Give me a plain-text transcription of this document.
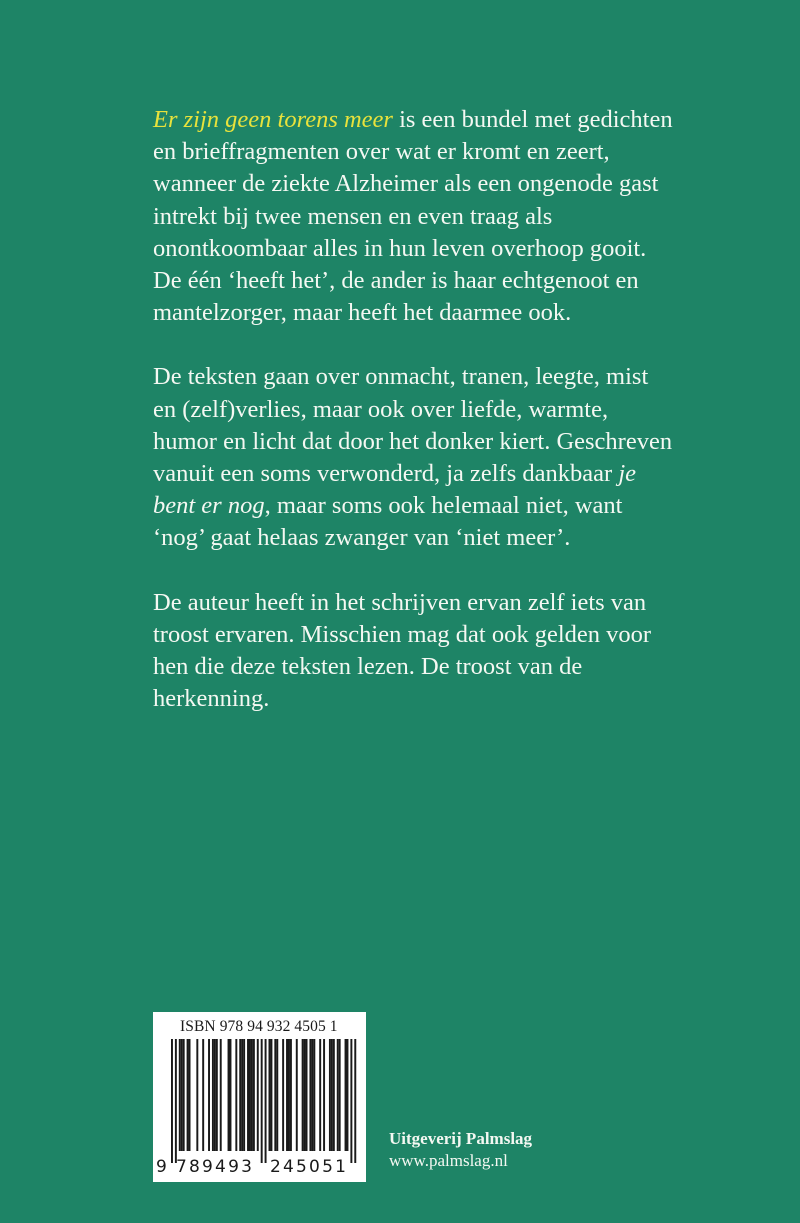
Er zijn geen torens meer is een bundel met gedichten en brieffragmenten over wat er kromt en zeert, wanneer de ziekte Alzheimer als een ongenode gast intrekt bij twee mensen en even traag als onontkoombaar alles in hun leven overhoop gooit. De één ‘heeft het’, de ander is haar echtgenoot en mantelzorger, maar heeft het daarmee ook.

De teksten gaan over onmacht, tranen, leegte, mist en (zelf)verlies, maar ook over liefde, warmte, humor en licht dat door het donker kiert. Geschreven vanuit een soms verwonderd, ja zelfs dankbaar je bent er nog, maar soms ook helemaal niet, want ‘nog’ gaat helaas zwanger van ‘niet meer’.

De auteur heeft in het schrijven ervan zelf iets van troost ervaren. Misschien mag dat ook gelden voor hen die deze teksten lezen. De troost van de herkenning.

ISBN 978 94 932 4505 1
9 789493 245051
Uitgeverij Palmslag
www.palmslag.nl
